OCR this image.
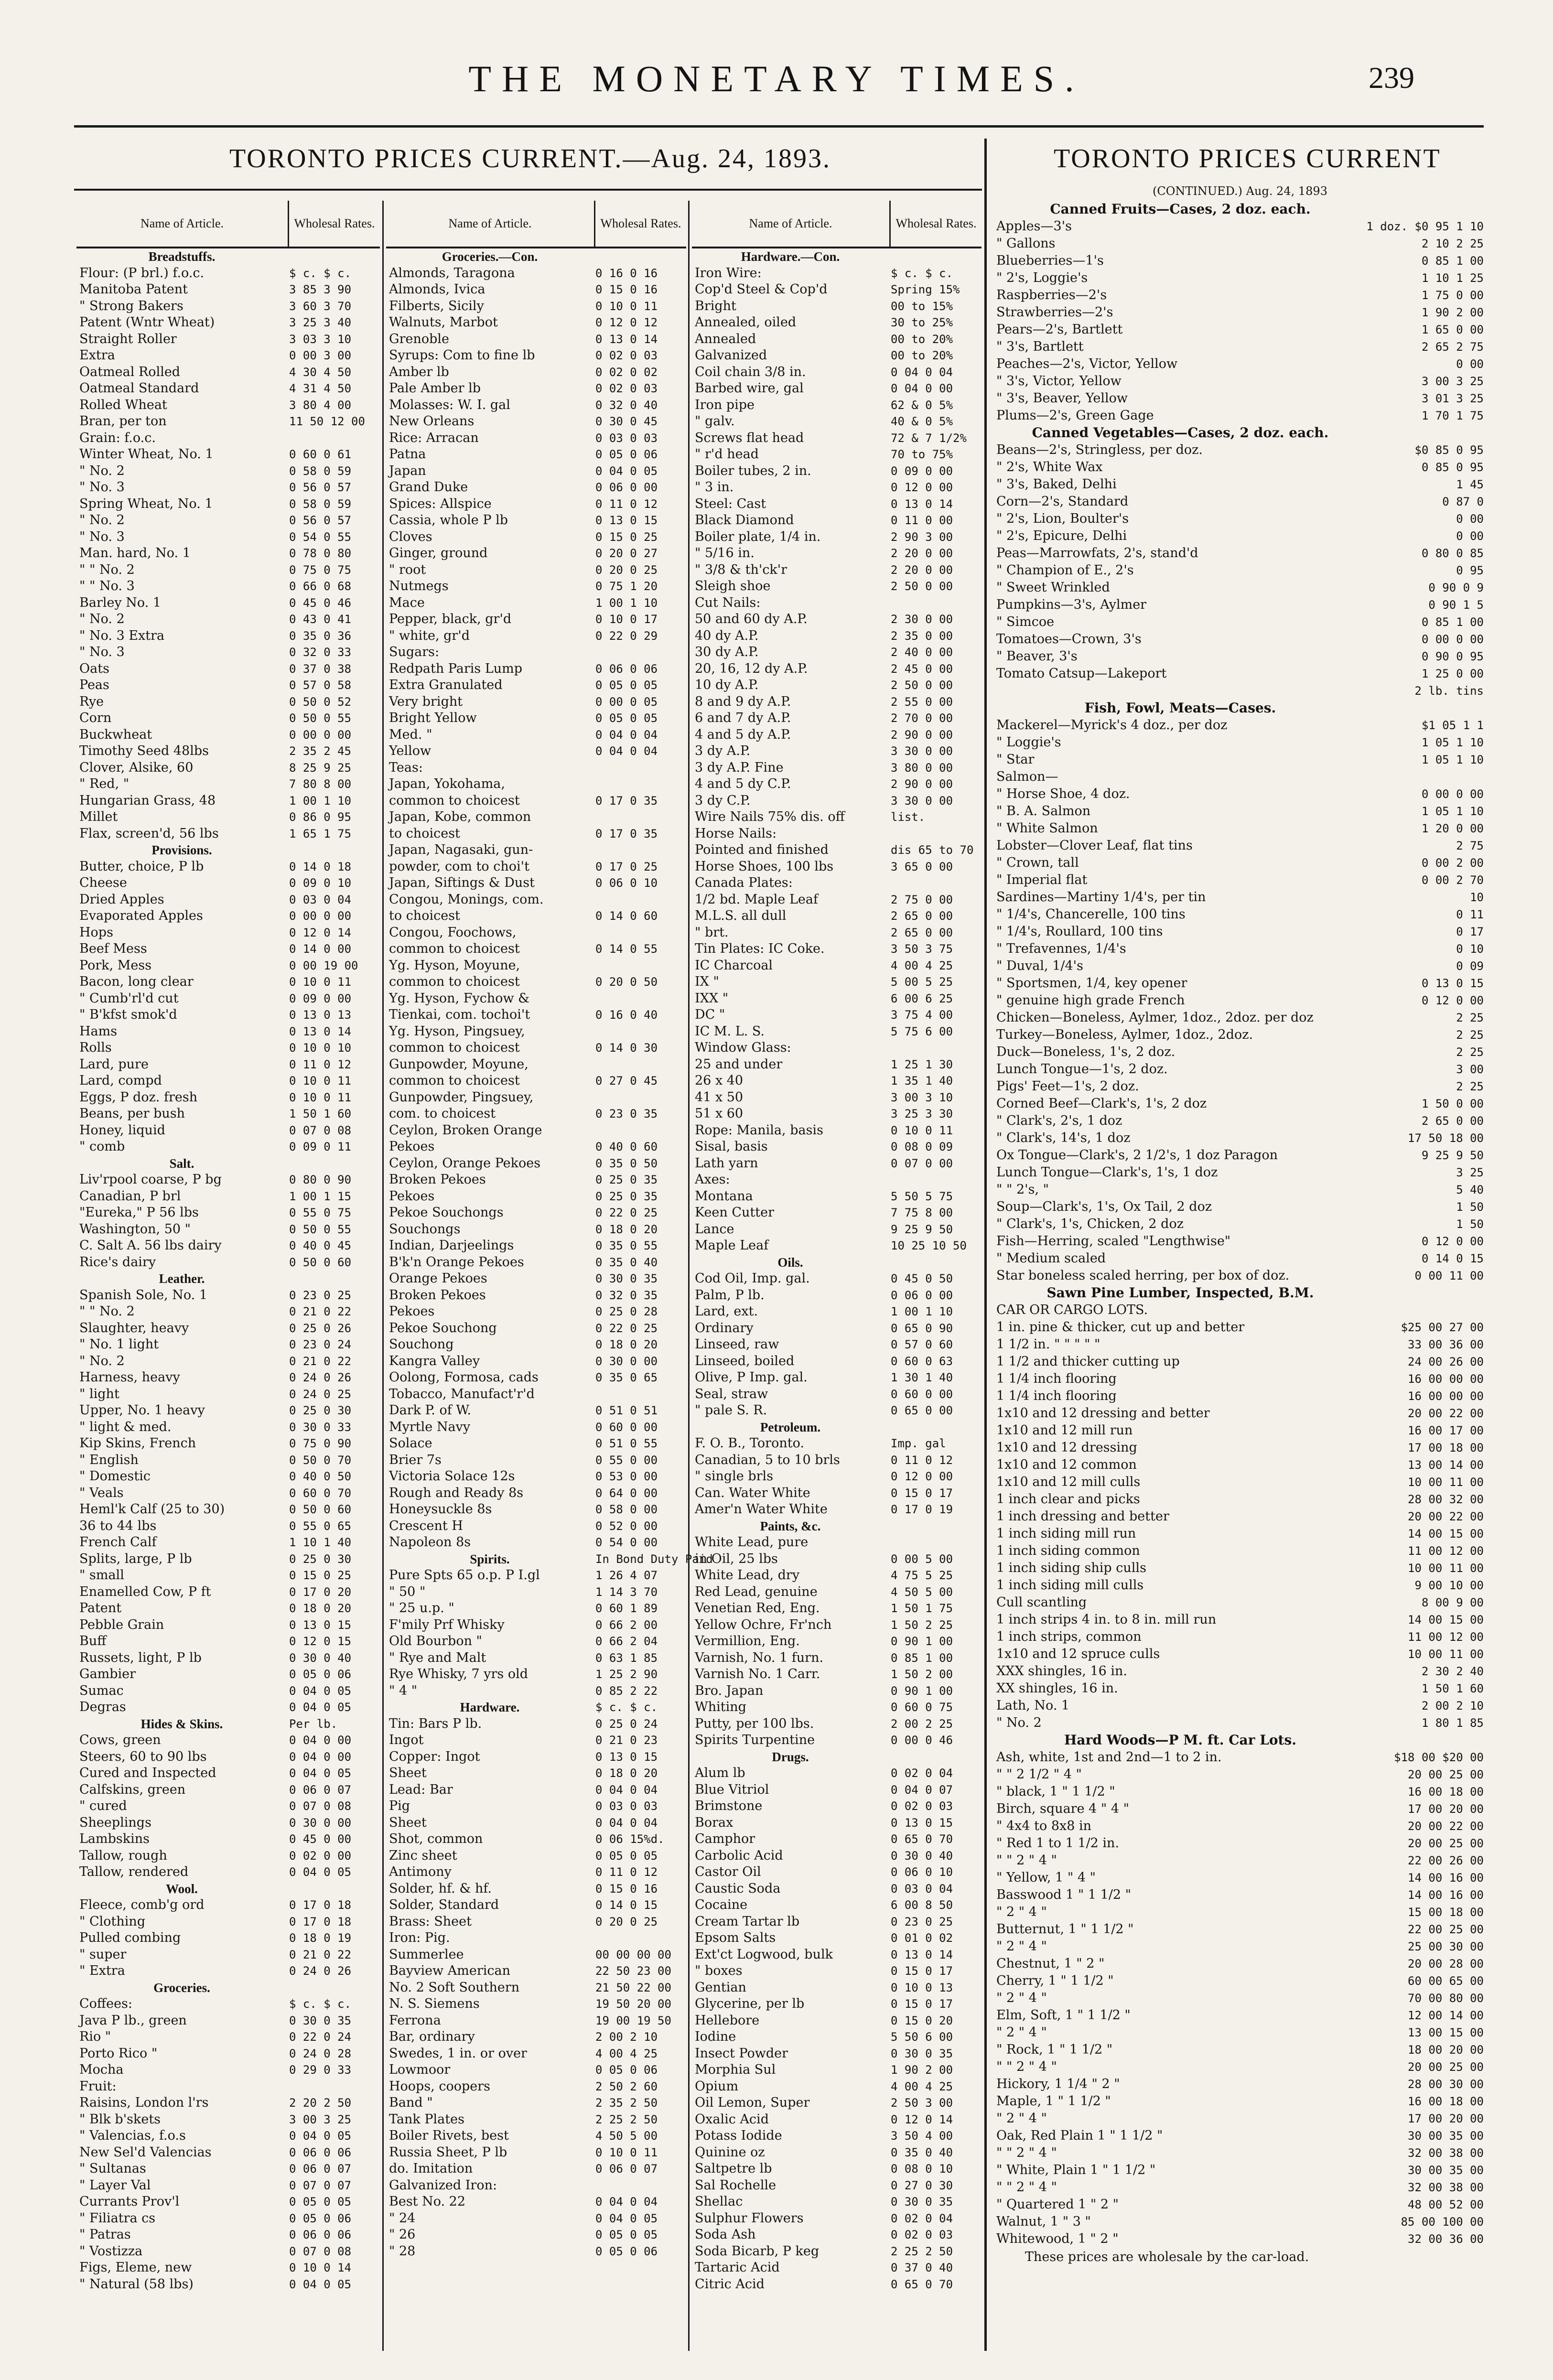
THE MONETARY TIMES.	239
TORONTO PRICES CURRENT.—Aug. 24, 1893.
Name of Article.	Wholesal Rates.
Breadstuffs.
Flour: (P brl.) f.o.c.	$ c. $ c.
Manitoba Patent	3 85 3 90
" Strong Bakers	3 60 3 70
Patent (Wntr Wheat)	3 25 3 40
Straight Roller	3 03 3 10
Extra	0 00 3 00
Oatmeal Rolled	4 30 4 50
Oatmeal Standard	4 31 4 50
Rolled Wheat	3 80 4 00
Bran, per ton	11 50 12 00
Grain: f.o.c.
Winter Wheat, No. 1	0 60 0 61
" No. 2	0 58 0 59
" No. 3	0 56 0 57
Spring Wheat, No. 1	0 58 0 59
" No. 2	0 56 0 57
" No. 3	0 54 0 55
Man. hard, No. 1	0 78 0 80
" " No. 2	0 75 0 75
" " No. 3	0 66 0 68
Barley No. 1	0 45 0 46
" No. 2	0 43 0 41
" No. 3 Extra	0 35 0 36
" No. 3	0 32 0 33
Oats	0 37 0 38
Peas	0 57 0 58
Rye	0 50 0 52
Corn	0 50 0 55
Buckwheat	0 00 0 00
Timothy Seed 48lbs	2 35 2 45
Clover, Alsike, 60	8 25 9 25
" Red, "	7 80 8 00
Hungarian Grass, 48	1 00 1 10
Millet	0 86 0 95
Flax, screen'd, 56 lbs	1 65 1 75
Provisions.
Butter, choice, P lb	0 14 0 18
Cheese	0 09 0 10
Dried Apples	0 03 0 04
Evaporated Apples	0 00 0 00
Hops	0 12 0 14
Beef Mess	0 14 0 00
Pork, Mess	0 00 19 00
Bacon, long clear	0 10 0 11
" Cumb'rl'd cut	0 09 0 00
" B'kfst smok'd	0 13 0 13
Hams	0 13 0 14
Rolls	0 10 0 10
Lard, pure	0 11 0 12
Lard, compd	0 10 0 11
Eggs, P doz. fresh	0 10 0 11
Beans, per bush	1 50 1 60
Honey, liquid	0 07 0 08
" comb	0 09 0 11
Salt.
Liv'rpool coarse, P bg	0 80 0 90
Canadian, P brl	1 00 1 15
"Eureka," P 56 lbs	0 55 0 75
Washington, 50 "	0 50 0 55
C. Salt A. 56 lbs dairy	0 40 0 45
Rice's dairy	0 50 0 60
Leather.
Spanish Sole, No. 1	0 23 0 25
" " No. 2	0 21 0 22
Slaughter, heavy	0 25 0 26
" No. 1 light	0 23 0 24
" No. 2	0 21 0 22
Harness, heavy	0 24 0 26
" light	0 24 0 25
Upper, No. 1 heavy	0 25 0 30
" light & med.	0 30 0 33
Kip Skins, French	0 75 0 90
" English	0 50 0 70
" Domestic	0 40 0 50
" Veals	0 60 0 70
Heml'k Calf (25 to 30)	0 50 0 60
36 to 44 lbs	0 55 0 65
French Calf	1 10 1 40
Splits, large, P lb	0 25 0 30
" small	0 15 0 25
Enamelled Cow, P ft	0 17 0 20
Patent	0 18 0 20
Pebble Grain	0 13 0 15
Buff	0 12 0 15
Russets, light, P lb	0 30 0 40
Gambier	0 05 0 06
Sumac	0 04 0 05
Degras	0 04 0 05
Hides & Skins.	Per lb.
Cows, green	0 04 0 00
Steers, 60 to 90 lbs	0 04 0 00
Cured and Inspected	0 04 0 05
Calfskins, green	0 06 0 07
" cured	0 07 0 08
Sheeplings	0 30 0 00
Lambskins	0 45 0 00
Tallow, rough	0 02 0 00
Tallow, rendered	0 04 0 05
Wool.
Fleece, comb'g ord	0 17 0 18
" Clothing	0 17 0 18
Pulled combing	0 18 0 19
" super	0 21 0 22
" Extra	0 24 0 26
Groceries.
Coffees:	$ c. $ c.
Java P lb., green	0 30 0 35
Rio "	0 22 0 24
Porto Rico "	0 24 0 28
Mocha	0 29 0 33
Fruit:
Raisins, London l'rs	2 20 2 50
" Blk b'skets	3 00 3 25
" Valencias, f.o.s	0 04 0 05
New Sel'd Valencias	0 06 0 06
" Sultanas	0 06 0 07
" Layer Val	0 07 0 07
Currants Prov'l	0 05 0 05
" Filiatra cs	0 05 0 06
" Patras	0 06 0 06
" Vostizza	0 07 0 08
Figs, Eleme, new	0 10 0 14
" Natural (58 lbs)	0 04 0 05
Name of Article.	Wholesal Rates.
Groceries.—Con.
Almonds, Taragona	0 16 0 16
Almonds, Ivica	0 15 0 16
Filberts, Sicily	0 10 0 11
Walnuts, Marbot	0 12 0 12
Grenoble	0 13 0 14
Syrups: Com to fine lb	0 02 0 03
Amber lb	0 02 0 02
Pale Amber lb	0 02 0 03
Molasses: W. I. gal	0 32 0 40
New Orleans	0 30 0 45
Rice: Arracan	0 03 0 03
Patna	0 05 0 06
Japan	0 04 0 05
Grand Duke	0 06 0 00
Spices: Allspice	0 11 0 12
Cassia, whole P lb	0 13 0 15
Cloves	0 15 0 25
Ginger, ground	0 20 0 27
" root	0 20 0 25
Nutmegs	0 75 1 20
Mace	1 00 1 10
Pepper, black, gr'd	0 10 0 17
" white, gr'd	0 22 0 29
Sugars:
Redpath Paris Lump	0 06 0 06
Extra Granulated	0 05 0 05
Very bright	0 00 0 05
Bright Yellow	0 05 0 05
Med. "	0 04 0 04
Yellow	0 04 0 04
Teas:
Japan, Yokohama,
common to choicest	0 17 0 35
Japan, Kobe, common
to choicest	0 17 0 35
Japan, Nagasaki, gun-
powder, com to choi't	0 17 0 25
Japan, Siftings & Dust	0 06 0 10
Congou, Monings, com.
to choicest	0 14 0 60
Congou, Foochows,
common to choicest	0 14 0 55
Yg. Hyson, Moyune,
common to choicest	0 20 0 50
Yg. Hyson, Fychow &
Tienkai, com. tochoi't	0 16 0 40
Yg. Hyson, Pingsuey,
common to choicest	0 14 0 30
Gunpowder, Moyune,
common to choicest	0 27 0 45
Gunpowder, Pingsuey,
com. to choicest	0 23 0 35
Ceylon, Broken Orange
Pekoes	0 40 0 60
Ceylon, Orange Pekoes	0 35 0 50
Broken Pekoes	0 25 0 35
Pekoes	0 25 0 35
Pekoe Souchongs	0 22 0 25
Souchongs	0 18 0 20
Indian, Darjeelings	0 35 0 55
B'k'n Orange Pekoes	0 35 0 40
Orange Pekoes	0 30 0 35
Broken Pekoes	0 32 0 35
Pekoes	0 25 0 28
Pekoe Souchong	0 22 0 25
Souchong	0 18 0 20
Kangra Valley	0 30 0 00
Oolong, Formosa, cads	0 35 0 65
Tobacco, Manufact'r'd
Dark P. of W.	0 51 0 51
Myrtle Navy	0 60 0 00
Solace	0 51 0 55
Brier 7s	0 55 0 00
Victoria Solace 12s	0 53 0 00
Rough and Ready 8s	0 64 0 00
Honeysuckle 8s	0 58 0 00
Crescent H	0 52 0 00
Napoleon 8s	0 54 0 00
Spirits.	In Bond Duty Paid
Pure Spts 65 o.p. P I.gl	1 26 4 07
" 50 "	1 14 3 70
" 25 u.p. "	0 60 1 89
F'mily Prf Whisky	0 66 2 00
Old Bourbon "	0 66 2 04
" Rye and Malt	0 63 1 85
Rye Whisky, 7 yrs old	1 25 2 90
" 4 "	0 85 2 22
Hardware.	$ c. $ c.
Tin: Bars P lb.	0 25 0 24
Ingot	0 21 0 23
Copper: Ingot	0 13 0 15
Sheet	0 18 0 20
Lead: Bar	0 04 0 04
Pig	0 03 0 03
Sheet	0 04 0 04
Shot, common	0 06 15%d.
Zinc sheet	0 05 0 05
Antimony	0 11 0 12
Solder, hf. & hf.	0 15 0 16
Solder, Standard	0 14 0 15
Brass: Sheet	0 20 0 25
Iron: Pig.
Summerlee	00 00 00 00
Bayview American	22 50 23 00
No. 2 Soft Southern	21 50 22 00
N. S. Siemens	19 50 20 00
Ferrona	19 00 19 50
Bar, ordinary	2 00 2 10
Swedes, 1 in. or over	4 00 4 25
Lowmoor	0 05 0 06
Hoops, coopers	2 50 2 60
Band "	2 35 2 50
Tank Plates	2 25 2 50
Boiler Rivets, best	4 50 5 00
Russia Sheet, P lb	0 10 0 11
do. Imitation	0 06 0 07
Galvanized Iron:
Best No. 22	0 04 0 04
" 24	0 04 0 05
" 26	0 05 0 05
" 28	0 05 0 06
Name of Article.	Wholesal Rates.
Hardware.—Con.
Iron Wire:	$ c. $ c.
Cop'd Steel & Cop'd	Spring 15%
Bright	00 to 15%
Annealed, oiled	30 to 25%
Annealed	00 to 20%
Galvanized	00 to 20%
Coil chain 3/8 in.	0 04 0 04
Barbed wire, gal	0 04 0 00
Iron pipe	62 & 0 5%
" galv.	40 & 0 5%
Screws flat head	72 & 7 1/2%
" r'd head	70 to 75%
Boiler tubes, 2 in.	0 09 0 00
" 3 in.	0 12 0 00
Steel: Cast	0 13 0 14
Black Diamond	0 11 0 00
Boiler plate, 1/4 in.	2 90 3 00
" 5/16 in.	2 20 0 00
" 3/8 & th'ck'r	2 20 0 00
Sleigh shoe	2 50 0 00
Cut Nails:
50 and 60 dy A.P.	2 30 0 00
40 dy A.P.	2 35 0 00
30 dy A.P.	2 40 0 00
20, 16, 12 dy A.P.	2 45 0 00
10 dy A.P.	2 50 0 00
8 and 9 dy A.P.	2 55 0 00
6 and 7 dy A.P.	2 70 0 00
4 and 5 dy A.P.	2 90 0 00
3 dy A.P.	3 30 0 00
3 dy A.P. Fine	3 80 0 00
4 and 5 dy C.P.	2 90 0 00
3 dy C.P.	3 30 0 00
Wire Nails 75% dis. off	list.
Horse Nails:
Pointed and finished	dis 65 to 70
Horse Shoes, 100 lbs	3 65 0 00
Canada Plates:
1/2 bd. Maple Leaf	2 75 0 00
M.L.S. all dull	2 65 0 00
" brt.	2 65 0 00
Tin Plates: IC Coke.	3 50 3 75
IC Charcoal	4 00 4 25
IX "	5 00 5 25
IXX "	6 00 6 25
DC "	3 75 4 00
IC M. L. S.	5 75 6 00
Window Glass:
25 and under	1 25 1 30
26 x 40	1 35 1 40
41 x 50	3 00 3 10
51 x 60	3 25 3 30
Rope: Manila, basis	0 10 0 11
Sisal, basis	0 08 0 09
Lath yarn	0 07 0 00
Axes:
Montana	5 50 5 75
Keen Cutter	7 75 8 00
Lance	9 25 9 50
Maple Leaf	10 25 10 50
Oils.
Cod Oil, Imp. gal.	0 45 0 50
Palm, P lb.	0 06 0 00
Lard, ext.	1 00 1 10
Ordinary	0 65 0 90
Linseed, raw	0 57 0 60
Linseed, boiled	0 60 0 63
Olive, P Imp. gal.	1 30 1 40
Seal, straw	0 60 0 00
" pale S. R.	0 65 0 00
Petroleum.
F. O. B., Toronto.	Imp. gal
Canadian, 5 to 10 brls	0 11 0 12
" single brls	0 12 0 00
Can. Water White	0 15 0 17
Amer'n Water White	0 17 0 19
Paints, &c.
White Lead, pure
in Oil, 25 lbs	0 00 5 00
White Lead, dry	4 75 5 25
Red Lead, genuine	4 50 5 00
Venetian Red, Eng.	1 50 1 75
Yellow Ochre, Fr'nch	1 50 2 25
Vermillion, Eng.	0 90 1 00
Varnish, No. 1 furn.	0 85 1 00
Varnish No. 1 Carr.	1 50 2 00
Bro. Japan	0 90 1 00
Whiting	0 60 0 75
Putty, per 100 lbs.	2 00 2 25
Spirits Turpentine	0 00 0 46
Drugs.
Alum lb	0 02 0 04
Blue Vitriol	0 04 0 07
Brimstone	0 02 0 03
Borax	0 13 0 15
Camphor	0 65 0 70
Carbolic Acid	0 30 0 40
Castor Oil	0 06 0 10
Caustic Soda	0 03 0 04
Cocaine	6 00 8 50
Cream Tartar lb	0 23 0 25
Epsom Salts	0 01 0 02
Ext'ct Logwood, bulk	0 13 0 14
" boxes	0 15 0 17
Gentian	0 10 0 13
Glycerine, per lb	0 15 0 17
Hellebore	0 15 0 20
Iodine	5 50 6 00
Insect Powder	0 30 0 35
Morphia Sul	1 90 2 00
Opium	4 00 4 25
Oil Lemon, Super	2 50 3 00
Oxalic Acid	0 12 0 14
Potass Iodide	3 50 4 00
Quinine oz	0 35 0 40
Saltpetre lb	0 08 0 10
Sal Rochelle	0 27 0 30
Shellac	0 30 0 35
Sulphur Flowers	0 02 0 04
Soda Ash	0 02 0 03
Soda Bicarb, P keg	2 25 2 50
Tartaric Acid	0 37 0 40
Citric Acid	0 65 0 70
TORONTO PRICES CURRENT
(CONTINUED.) Aug. 24, 1893
Canned Fruits—Cases, 2 doz. each.
Apples—3's	1 doz. $0 95 1 10
" Gallons	2 10 2 25
Blueberries—1's	0 85 1 00
" 2's, Loggie's	1 10 1 25
Raspberries—2's	1 75 0 00
Strawberries—2's	1 90 2 00
Pears—2's, Bartlett	1 65 0 00
" 3's, Bartlett	2 65 2 75
Peaches—2's, Victor, Yellow	0 00
" 3's, Victor, Yellow	3 00 3 25
" 3's, Beaver, Yellow	3 01 3 25
Plums—2's, Green Gage	1 70 1 75
Canned Vegetables—Cases, 2 doz. each.
Beans—2's, Stringless, per doz.	$0 85 0 95
" 2's, White Wax	0 85 0 95
" 3's, Baked, Delhi	1 45
Corn—2's, Standard	0 87 0
" 2's, Lion, Boulter's	0 00
" 2's, Epicure, Delhi	0 00
Peas—Marrowfats, 2's, stand'd	0 80 0 85
" Champion of E., 2's	0 95
" Sweet Wrinkled	0 90 0 9
Pumpkins—3's, Aylmer	0 90 1 5
" Simcoe	0 85 1 00
Tomatoes—Crown, 3's	0 00 0 00
" Beaver, 3's	0 90 0 95
Tomato Catsup—Lakeport	1 25 0 00
2 lb. tins
Fish, Fowl, Meats—Cases.
Mackerel—Myrick's 4 doz., per doz	$1 05 1 1
" Loggie's	1 05 1 10
" Star	1 05 1 10
Salmon—
" Horse Shoe, 4 doz.	0 00 0 00
" B. A. Salmon	1 05 1 10
" White Salmon	1 20 0 00
Lobster—Clover Leaf, flat tins	2 75
" Crown, tall	0 00 2 00
" Imperial flat	0 00 2 70
Sardines—Martiny 1/4's, per tin	10
" 1/4's, Chancerelle, 100 tins	0 11
" 1/4's, Roullard, 100 tins	0 17
" Trefavennes, 1/4's	0 10
" Duval, 1/4's	0 09
" Sportsmen, 1/4, key opener	0 13 0 15
" genuine high grade French	0 12 0 00
Chicken—Boneless, Aylmer, 1doz., 2doz. per doz	2 25
Turkey—Boneless, Aylmer, 1doz., 2doz.	2 25
Duck—Boneless, 1's, 2 doz.	2 25
Lunch Tongue—1's, 2 doz.	3 00
Pigs' Feet—1's, 2 doz.	2 25
Corned Beef—Clark's, 1's, 2 doz	1 50 0 00
" Clark's, 2's, 1 doz	2 65 0 00
" Clark's, 14's, 1 doz	17 50 18 00
Ox Tongue—Clark's, 2 1/2's, 1 doz Paragon	9 25 9 50
Lunch Tongue—Clark's, 1's, 1 doz	3 25
" " 2's, "	5 40
Soup—Clark's, 1's, Ox Tail, 2 doz	1 50
" Clark's, 1's, Chicken, 2 doz	1 50
Fish—Herring, scaled "Lengthwise"	0 12 0 00
" Medium scaled	0 14 0 15
Star boneless scaled herring, per box of doz.	0 00 11 00
Sawn Pine Lumber, Inspected, B.M.
CAR OR CARGO LOTS.
1 in. pine & thicker, cut up and better	$25 00 27 00
1 1/2 in. " " " " "	33 00 36 00
1 1/2 and thicker cutting up	24 00 26 00
1 1/4 inch flooring	16 00 00 00
1 1/4 inch flooring	16 00 00 00
1x10 and 12 dressing and better	20 00 22 00
1x10 and 12 mill run	16 00 17 00
1x10 and 12 dressing	17 00 18 00
1x10 and 12 common	13 00 14 00
1x10 and 12 mill culls	10 00 11 00
1 inch clear and picks	28 00 32 00
1 inch dressing and better	20 00 22 00
1 inch siding mill run	14 00 15 00
1 inch siding common	11 00 12 00
1 inch siding ship culls	10 00 11 00
1 inch siding mill culls	9 00 10 00
Cull scantling	8 00 9 00
1 inch strips 4 in. to 8 in. mill run	14 00 15 00
1 inch strips, common	11 00 12 00
1x10 and 12 spruce culls	10 00 11 00
XXX shingles, 16 in.	2 30 2 40
XX shingles, 16 in.	1 50 1 60
Lath, No. 1	2 00 2 10
" No. 2	1 80 1 85
Hard Woods—P M. ft. Car Lots.
Ash, white, 1st and 2nd—1 to 2 in.	$18 00 $20 00
" " 2 1/2 " 4 "	20 00 25 00
" black, 1 " 1 1/2 "	16 00 18 00
Birch, square 4 " 4 "	17 00 20 00
" 4x4 to 8x8 in	20 00 22 00
" Red 1 to 1 1/2 in.	20 00 25 00
" " 2 " 4 "	22 00 26 00
" Yellow, 1 " 4 "	14 00 16 00
Basswood 1 " 1 1/2 "	14 00 16 00
" 2 " 4 "	15 00 18 00
Butternut, 1 " 1 1/2 "	22 00 25 00
" 2 " 4 "	25 00 30 00
Chestnut, 1 " 2 "	20 00 28 00
Cherry, 1 " 1 1/2 "	60 00 65 00
" 2 " 4 "	70 00 80 00
Elm, Soft, 1 " 1 1/2 "	12 00 14 00
" 2 " 4 "	13 00 15 00
" Rock, 1 " 1 1/2 "	18 00 20 00
" " 2 " 4 "	20 00 25 00
Hickory, 1 1/4 " 2 "	28 00 30 00
Maple, 1 " 1 1/2 "	16 00 18 00
" 2 " 4 "	17 00 20 00
Oak, Red Plain 1 " 1 1/2 "	30 00 35 00
" " 2 " 4 "	32 00 38 00
" White, Plain 1 " 1 1/2 "	30 00 35 00
" " 2 " 4 "	32 00 38 00
" Quartered 1 " 2 "	48 00 52 00
Walnut, 1 " 3 "	85 00 100 00
Whitewood, 1 " 2 "	32 00 36 00
These prices are wholesale by the car-load.
